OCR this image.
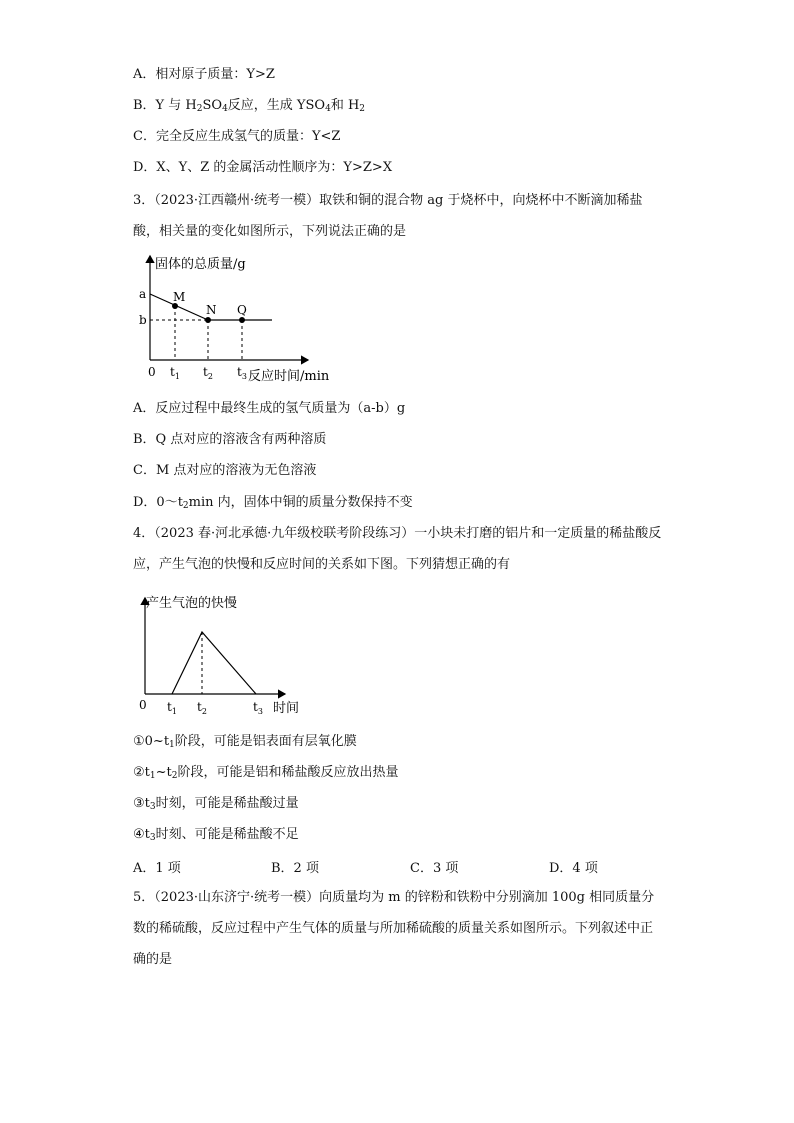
A．相对原子质量：Y>Z
B．Y 与 $H_2SO_4$反应，生成 $YSO_4$和 $H_2$
C．完全反应生成氢气的质量：Y<Z
D．X、Y、Z 的金属活动性顺序为：Y>Z>X
3．（2023·江西赣州·统考一模）取铁和铜的混合物 ag 于烧杯中，向烧杯中不断滴加稀盐酸，相关量的变化如图所示，下列说法正确的是
固体的总质量/g
a
b
M
N Q
0 $t_1$ $t_2$ $t_3$ 反应时间/min
A．反应过程中最终生成的氢气质量为（a-b）g
B．Q 点对应的溶液含有两种溶质
C．M 点对应的溶液为无色溶液
D．$0\sim t_2\min$ 内，固体中铜的质量分数保持不变
4．（2023 春·河北承德·九年级校联考阶段练习）一小块未打磨的铝片和一定质量的稀盐酸反应，产生气泡的快慢和反应时间的关系如下图。下列猜想正确的有
产生气泡的快慢
0 $t_1$ $t_2$	$t_3$ 时间
$①0\sim t_1$阶段，可能是铝表面有层氧化膜
$②t_1\sim t_2$阶段，可能是铝和稀盐酸反应放出热量
$③t_3$时刻，可能是稀盐酸过量
$④t_3$时刻、可能是稀盐酸不足
A．1 项	B．2 项	C．3 项	D．4 项
5．（2023·山东济宁·统考一模）向质量均为 m 的锌粉和铁粉中分别滴加 100g 相同质量分数的稀硫酸，反应过程中产生气体的质量与所加稀硫酸的质量关系如图所示。下列叙述中正确的是
